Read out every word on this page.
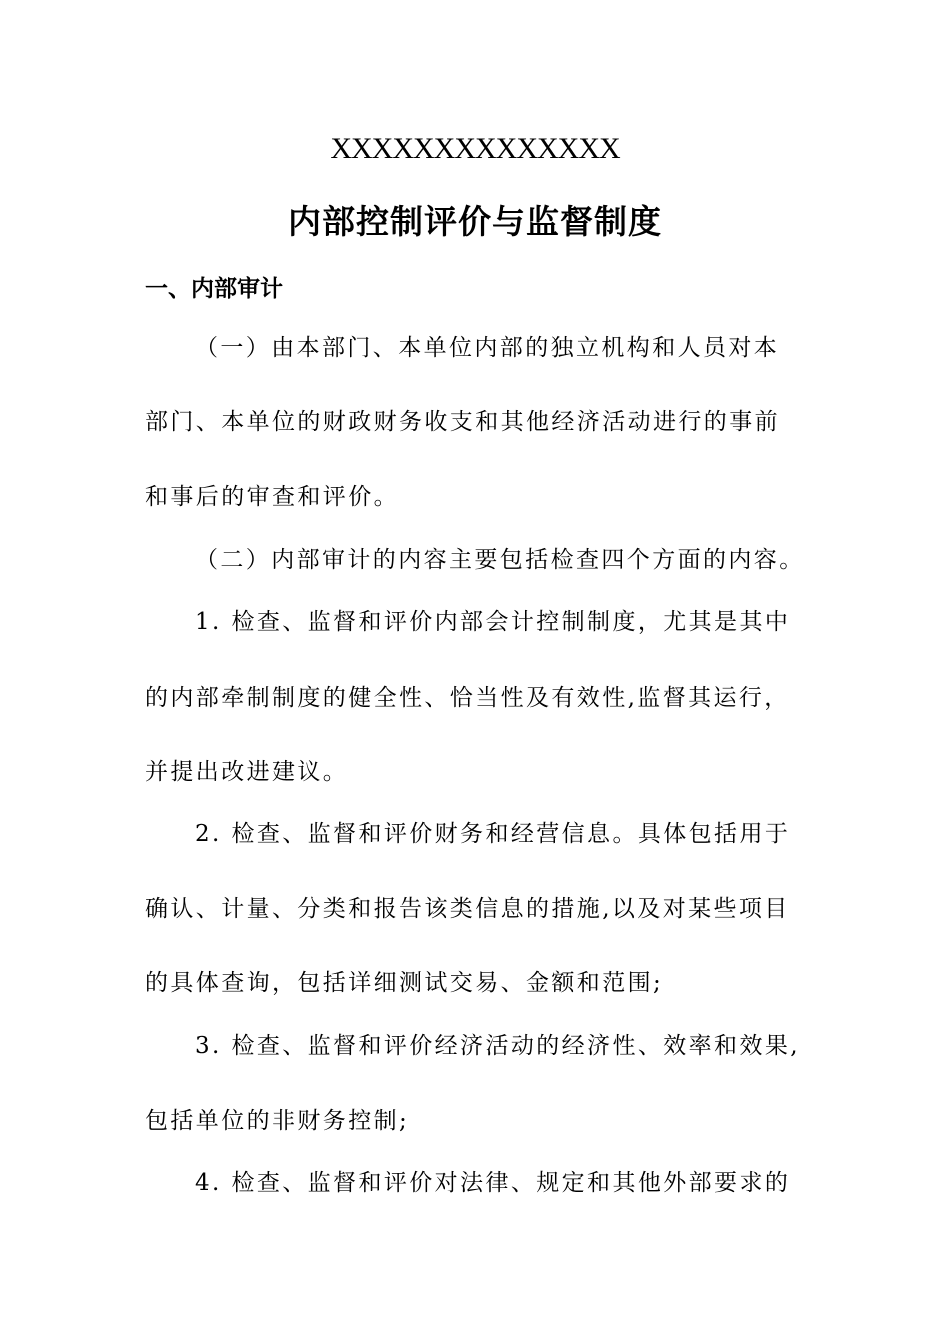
XXXXXXXXXXXXXX
内部控制评价与监督制度
一、内部审计
（一）由本部门、本单位内部的独立机构和人员对本
部门、本单位的财政财务收支和其他经济活动进行的事前
和事后的审查和评价。
（二）内部审计的内容主要包括检查四个方面的内容。
1. 检查、监督和评价内部会计控制制度，尤其是其中
的内部牵制制度的健全性、恰当性及有效性,监督其运行，
并提出改进建议。
2. 检查、监督和评价财务和经营信息。具体包括用于
确认、计量、分类和报告该类信息的措施,以及对某些项目
的具体查询，包括详细测试交易、金额和范围;
3. 检查、监督和评价经济活动的经济性、效率和效果,
包括单位的非财务控制;
4. 检查、监督和评价对法律、规定和其他外部要求的
